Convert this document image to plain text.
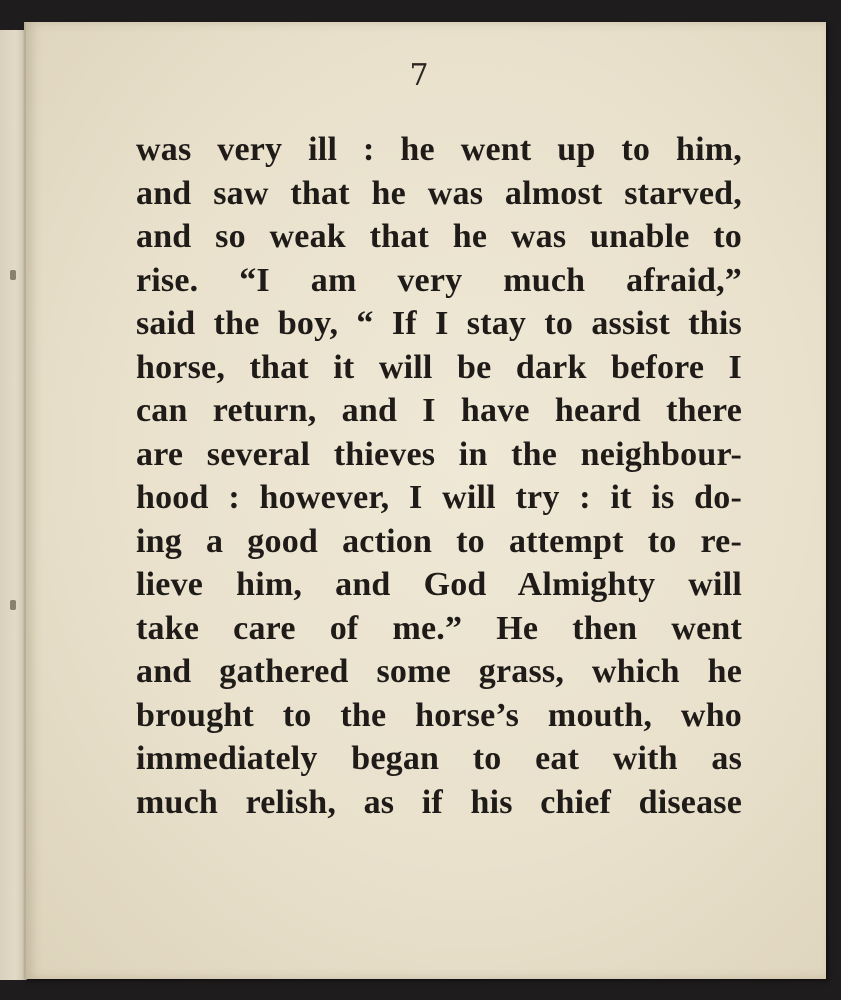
7
was very ill : he went up to him,
and saw that he was almost starved,
and so weak that he was unable to
rise. “I am very much afraid,”
said the boy, “ If I stay to assist this
horse, that it will be dark before I
can return, and I have heard there
are several thieves in the neighbour-
hood : however, I will try : it is do-
ing a good action to attempt to re-
lieve him, and God Almighty will
take care of me.” He then went
and gathered some grass, which he
brought to the horse’s mouth, who
immediately began to eat with as
much relish, as if his chief disease
